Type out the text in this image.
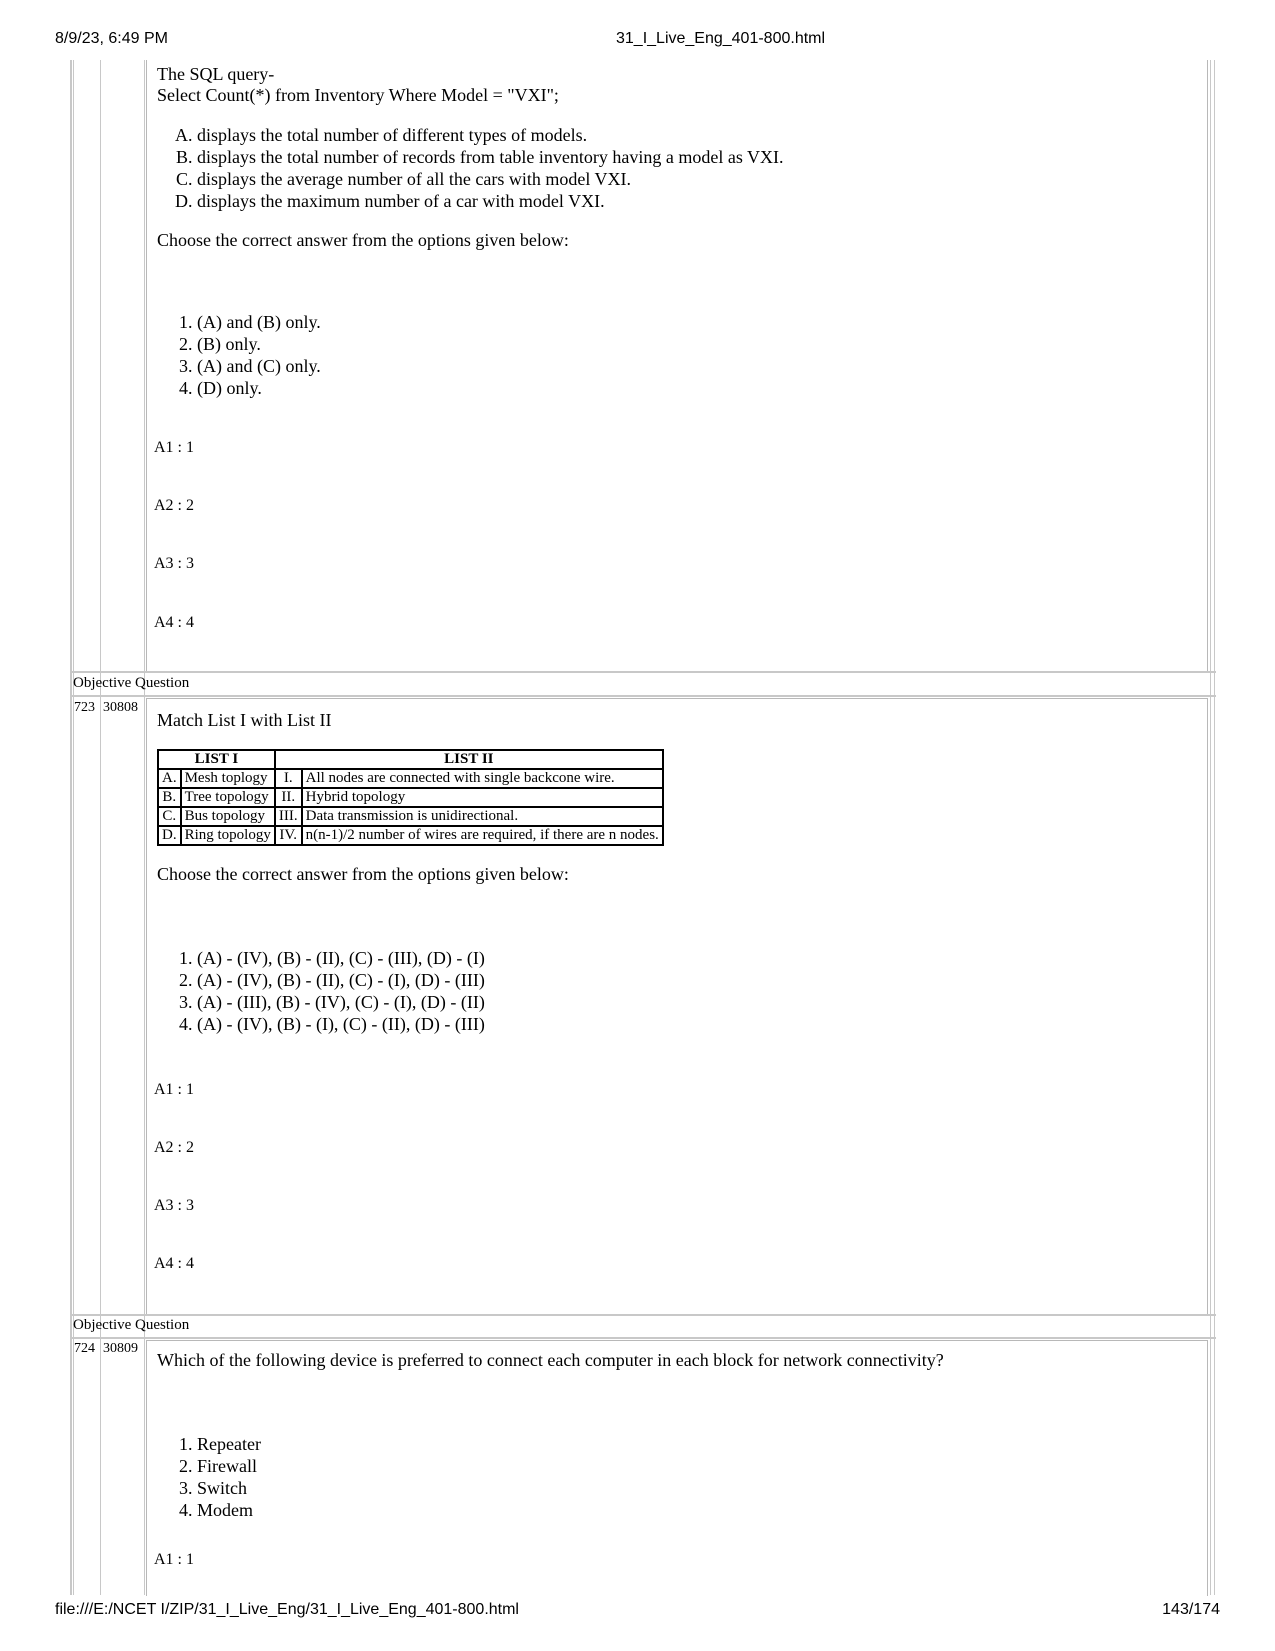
8/9/23, 6:49 PM	31_I_Live_Eng_401-800.html
file:///E:/NCET I/ZIP/31_I_Live_Eng/31_I_Live_Eng_401-800.html	143/174

The SQL query-

Select Count(*) from Inventory Where Model = "VXI";

A. displays the total number of different types of models.
B. displays the total number of records from table inventory having a model as VXI.
C. displays the average number of all the cars with model VXI.
D. displays the maximum number of a car with model VXI.

Choose the correct answer from the options given below:

1. (A) and (B) only.
2. (B) only.
3. (A) and (C) only.
4. (D) only.
A1 : 1
A2 : 2
A3 : 3
A4 : 4
Objective Question
723 30808

Match List I with List II

LIST I		LIST II	
A.	Mesh toplogy	I.	All nodes are connected with single backcone wire.
B.	Tree topology	II.	Hybrid topology
C.	Bus topology	III.	Data transmission is unidirectional.
D.	Ring topology	IV.	n(n-1)/2 number of wires are required, if there are n nodes.

Choose the correct answer from the options given below:

1. (A) - (IV), (B) - (II), (C) - (III), (D) - (I)
2. (A) - (IV), (B) - (II), (C) - (I), (D) - (III)
3. (A) - (III), (B) - (IV), (C) - (I), (D) - (II)
4. (A) - (IV), (B) - (I), (C) - (II), (D) - (III)
A1 : 1
A2 : 2
A3 : 3
A4 : 4
Objective Question
724 30809

Which of the following device is preferred to connect each computer in each block for network connectivity?

1. Repeater
2. Firewall
3. Switch
4. Modem
A1 : 1
